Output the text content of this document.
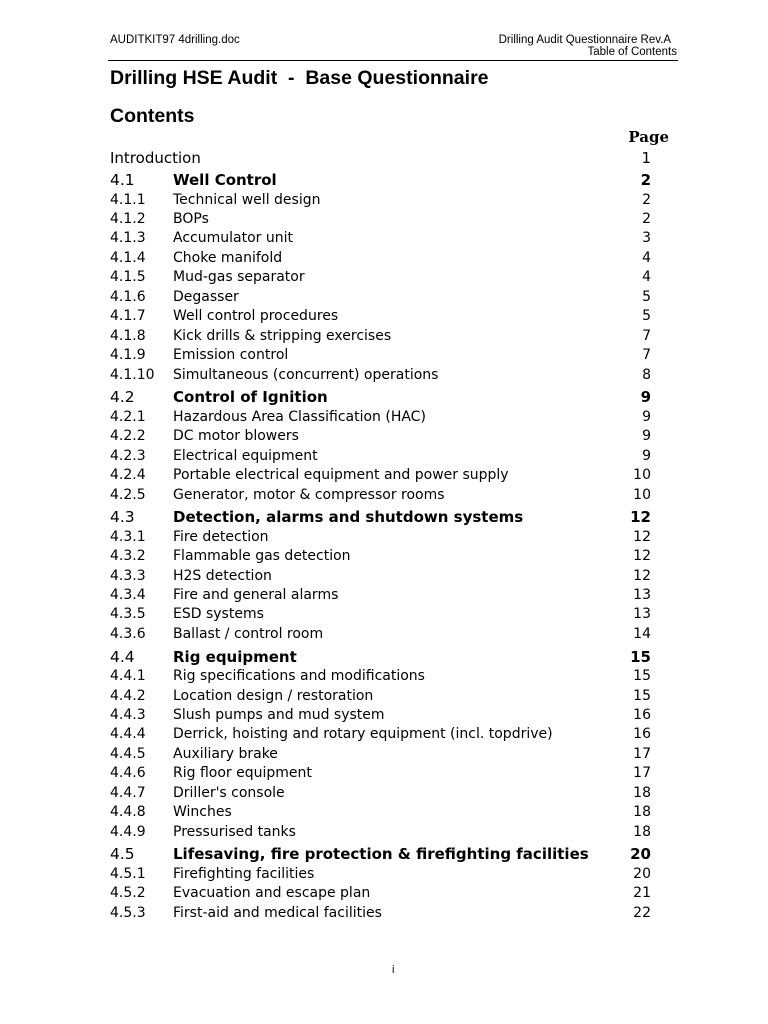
AUDITKIT97 4drilling.doc	Drilling Audit Questionnaire Rev.A
Table of Contents
Drilling HSE Audit  -  Base Questionnaire
Contents
Page
Introduction	1
4.1	Well Control	2
4.1.1 Technical well design	2
4.1.2 BOPs	2
4.1.3 Accumulator unit	3
4.1.4 Choke manifold	4
4.1.5 Mud-gas separator	4
4.1.6 Degasser	5
4.1.7 Well control procedures	5
4.1.8 Kick drills & stripping exercises	7
4.1.9 Emission control	7
4.1.10 Simultaneous (concurrent) operations	8
4.2	Control of Ignition	9
4.2.1 Hazardous Area Classification (HAC)	9
4.2.2 DC motor blowers	9
4.2.3 Electrical equipment	9
4.2.4 Portable electrical equipment and power supply	10
4.2.5 Generator, motor & compressor rooms	10
4.3	Detection, alarms and shutdown systems	12
4.3.1 Fire detection	12
4.3.2 Flammable gas detection	12
4.3.3 H2S detection	12
4.3.4 Fire and general alarms	13
4.3.5 ESD systems	13
4.3.6 Ballast / control room	14
4.4	Rig equipment	15
4.4.1 Rig specifications and modifications	15
4.4.2 Location design / restoration	15
4.4.3 Slush pumps and mud system	16
4.4.4 Derrick, hoisting and rotary equipment (incl. topdrive)	16
4.4.5 Auxiliary brake	17
4.4.6 Rig floor equipment	17
4.4.7 Driller's console	18
4.4.8 Winches	18
4.4.9 Pressurised tanks	18
4.5	Lifesaving, fire protection & firefighting facilities	20
4.5.1 Firefighting facilities	20
4.5.2 Evacuation and escape plan	21
4.5.3 First-aid and medical facilities	22
i
